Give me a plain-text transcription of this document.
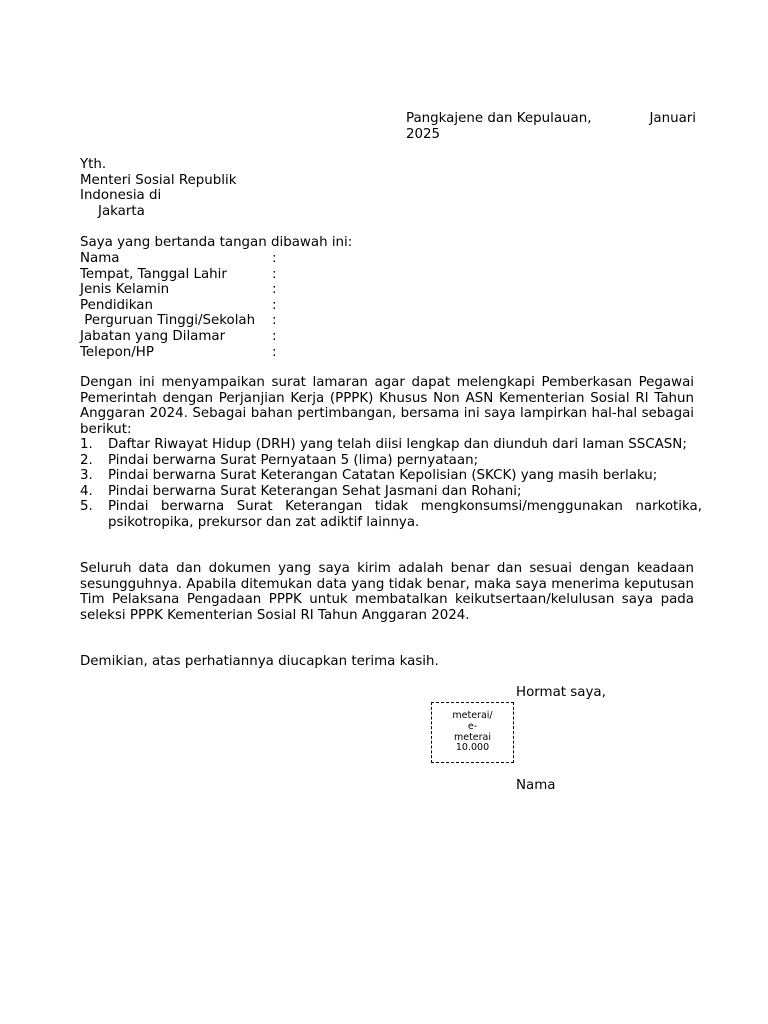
Pangkajene dan Kepulauan,	Januari
2025
Yth.
Menteri Sosial Republik
Indonesia di
Jakarta
Saya yang bertanda tangan dibawah ini:
Nama	:
Tempat, Tanggal Lahir	:
Jenis Kelamin	:
Pendidikan	:
Perguruan Tinggi/Sekolah	:
Jabatan yang Dilamar	:
Telepon/HP	:
Dengan ini menyampaikan surat lamaran agar dapat melengkapi Pemberkasan Pegawai Pemerintah dengan Perjanjian Kerja (PPPK) Khusus Non ASN Kementerian Sosial RI Tahun Anggaran 2024. Sebagai bahan pertimbangan, bersama ini saya lampirkan hal-hal sebagai berikut:
1.	Daftar Riwayat Hidup (DRH) yang telah diisi lengkap dan diunduh dari laman SSCASN;
2.	Pindai berwarna Surat Pernyataan 5 (lima) pernyataan;
3.	Pindai berwarna Surat Keterangan Catatan Kepolisian (SKCK) yang masih berlaku;
4.	Pindai berwarna Surat Keterangan Sehat Jasmani dan Rohani;
5.	Pindai berwarna Surat Keterangan tidak mengkonsumsi/menggunakan narkotika, psikotropika, prekursor dan zat adiktif lainnya.
Seluruh data dan dokumen yang saya kirim adalah benar dan sesuai dengan keadaan sesungguhnya. Apabila ditemukan data yang tidak benar, maka saya menerima keputusan Tim Pelaksana Pengadaan PPPK untuk membatalkan keikutsertaan/kelulusan saya pada seleksi PPPK Kementerian Sosial RI Tahun Anggaran 2024.
Demikian, atas perhatiannya diucapkan terima kasih.
Hormat saya,
meterai/
e-
meterai
10.000
Nama
